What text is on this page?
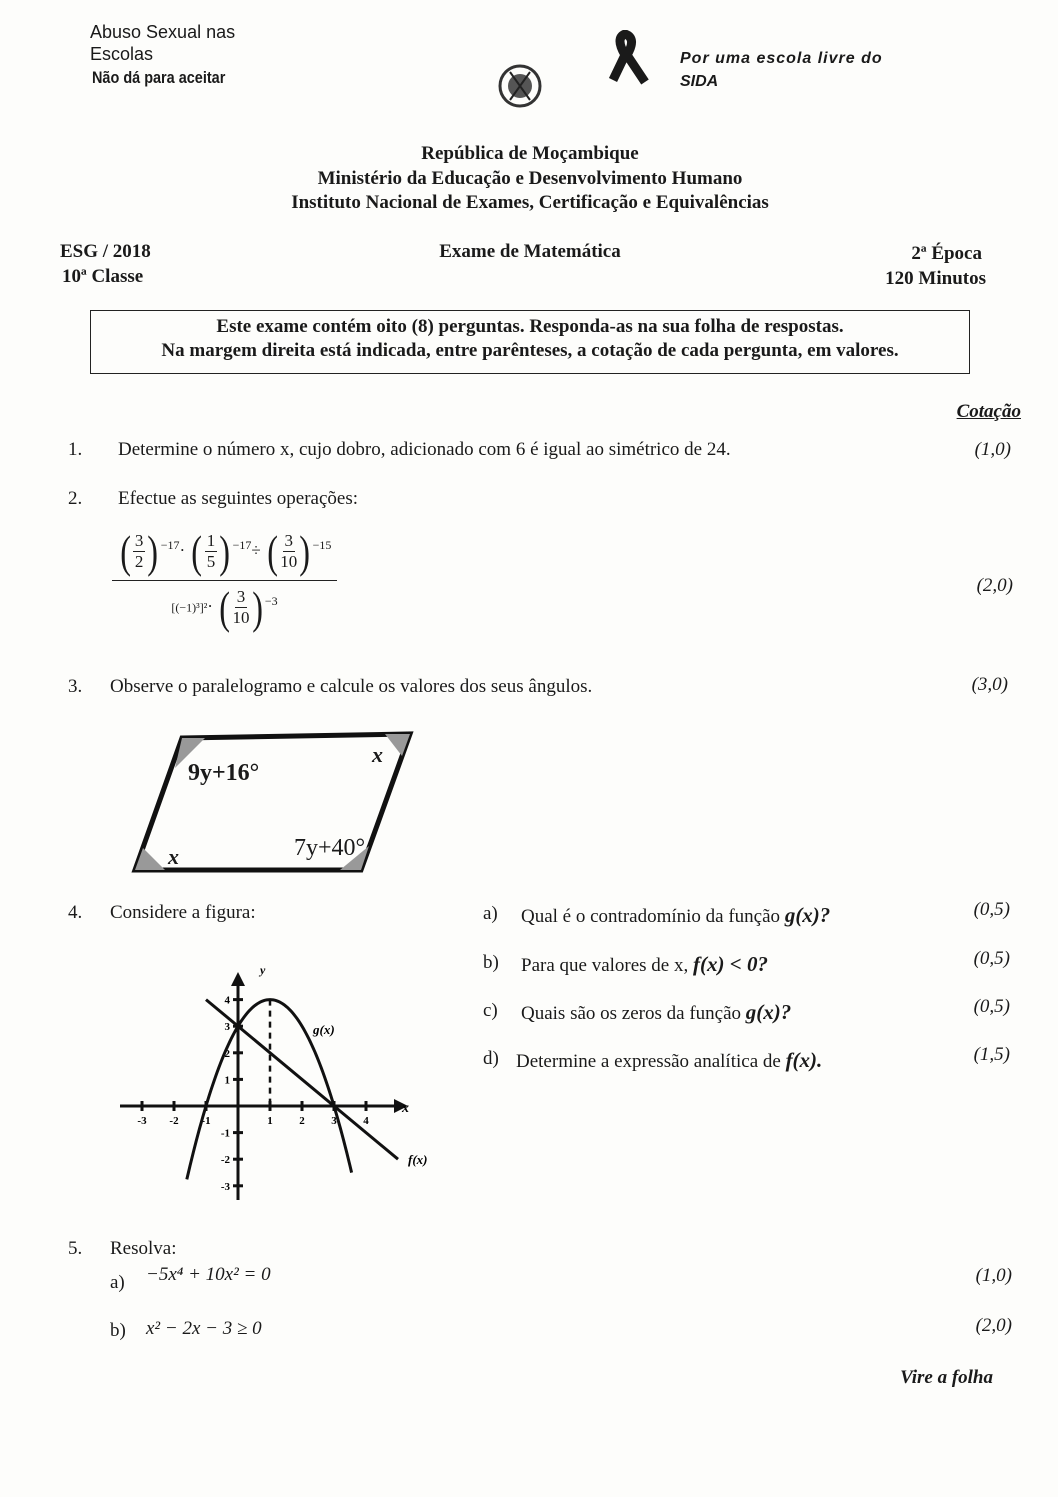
Abuso Sexual nas
Escolas
Não dá para aceitar
Por uma escola livre do
SIDA
República de Moçambique
Ministério da Educação e Desenvolvimento Humano
Instituto Nacional de Exames, Certificação e Equivalências
ESG / 2018
10ª Classe
Exame de Matemática	2ª Época
120 Minutos
Este exame contém oito (8) perguntas. Responda-as na sua folha de respostas.
Na margem direita está indicada, entre parênteses, a cotação de cada pergunta, em valores.
Cotação
1. Determine o número x, cujo dobro, adicionado com 6 é igual ao simétrico de 24.	(1,0)
2. Efectue as seguintes operações:
(2,0)
( $\frac{3}{2}$ ) $^{-17}$· ( $\frac{1}{5}$ ) $^{-17}$÷ ( $\frac{3}{10}$ ) $^{-15}$
[(−1)³]²· ( $\frac{3}{10}$ ) $^{-3}$
3. Observe o paralelogramo e calcule os valores dos seus ângulos.	(3,0)
9y+16°
x
x	7y+40°
4. Considere a figura:	a) Qual é o contradomínio da função g(x)?	(0,5)
b) Para que valores de x, f(x) < 0?	(0,5)
c) Quais são os zeros da função g(x)?	(0,5)
d) Determine a expressão analítica de f(x).	(1,5)
-3 -2 -1	1 2 3 4
4
3
2
1
-1
-2
-3
y
x
g(x)
f(x)
5. Resolva:
a) −5x⁴ + 10x² = 0	(1,0)
b) x² − 2x − 3 ≥ 0	(2,0)
Vire a folha
